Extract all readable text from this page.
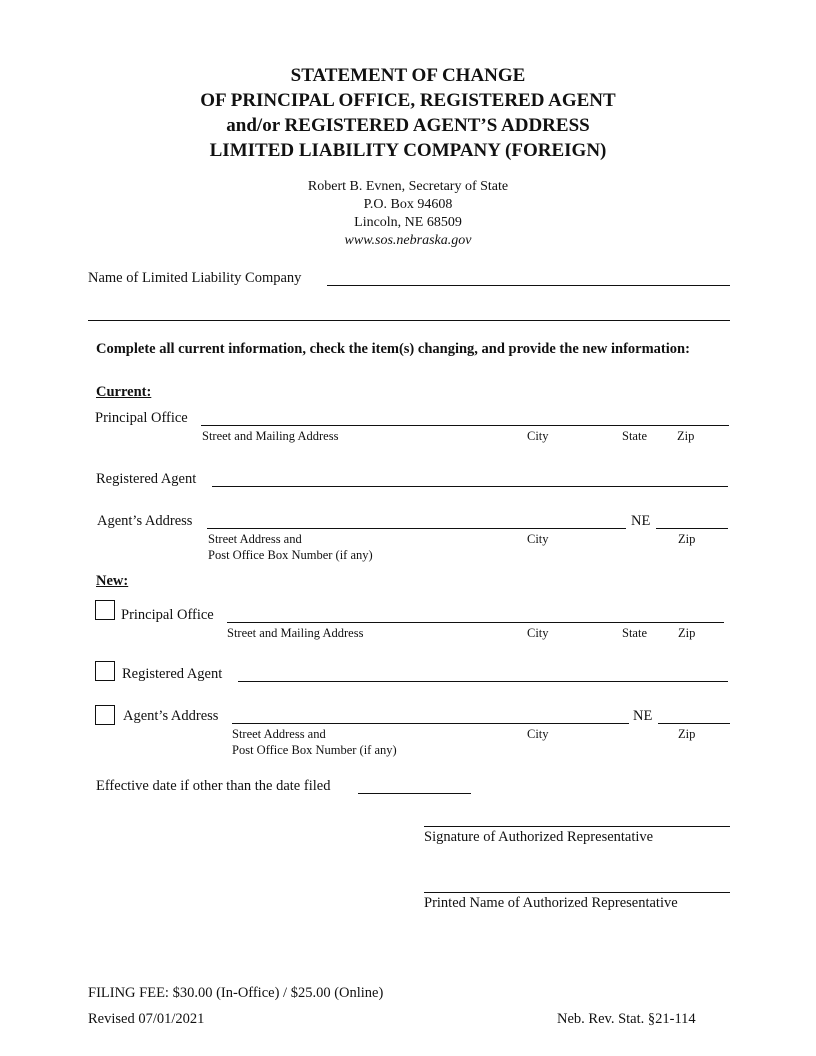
STATEMENT OF CHANGE
OF PRINCIPAL OFFICE, REGISTERED AGENT
and/or REGISTERED AGENT’S ADDRESS
LIMITED LIABILITY COMPANY (FOREIGN)
Robert B. Evnen, Secretary of State
P.O. Box 94608
Lincoln, NE 68509
www.sos.nebraska.gov
Name of Limited Liability Company
Complete all current information, check the item(s) changing, and provide the new information:
Current:
Principal Office
Street and Mailing Address	City	State Zip
Registered Agent
Agent’s Address	NE
Street Address and
Post Office Box Number (if any)
City	Zip
New:
Principal Office
Street and Mailing Address	City	State Zip
Registered Agent
Agent’s Address	NE
Street Address and
Post Office Box Number (if any)
City	Zip
Effective date if other than the date filed
Signature of Authorized Representative
Printed Name of Authorized Representative
FILING FEE: $30.00 (In-Office) / $25.00 (Online)
Revised 07/01/2021	Neb. Rev. Stat. §21-114
